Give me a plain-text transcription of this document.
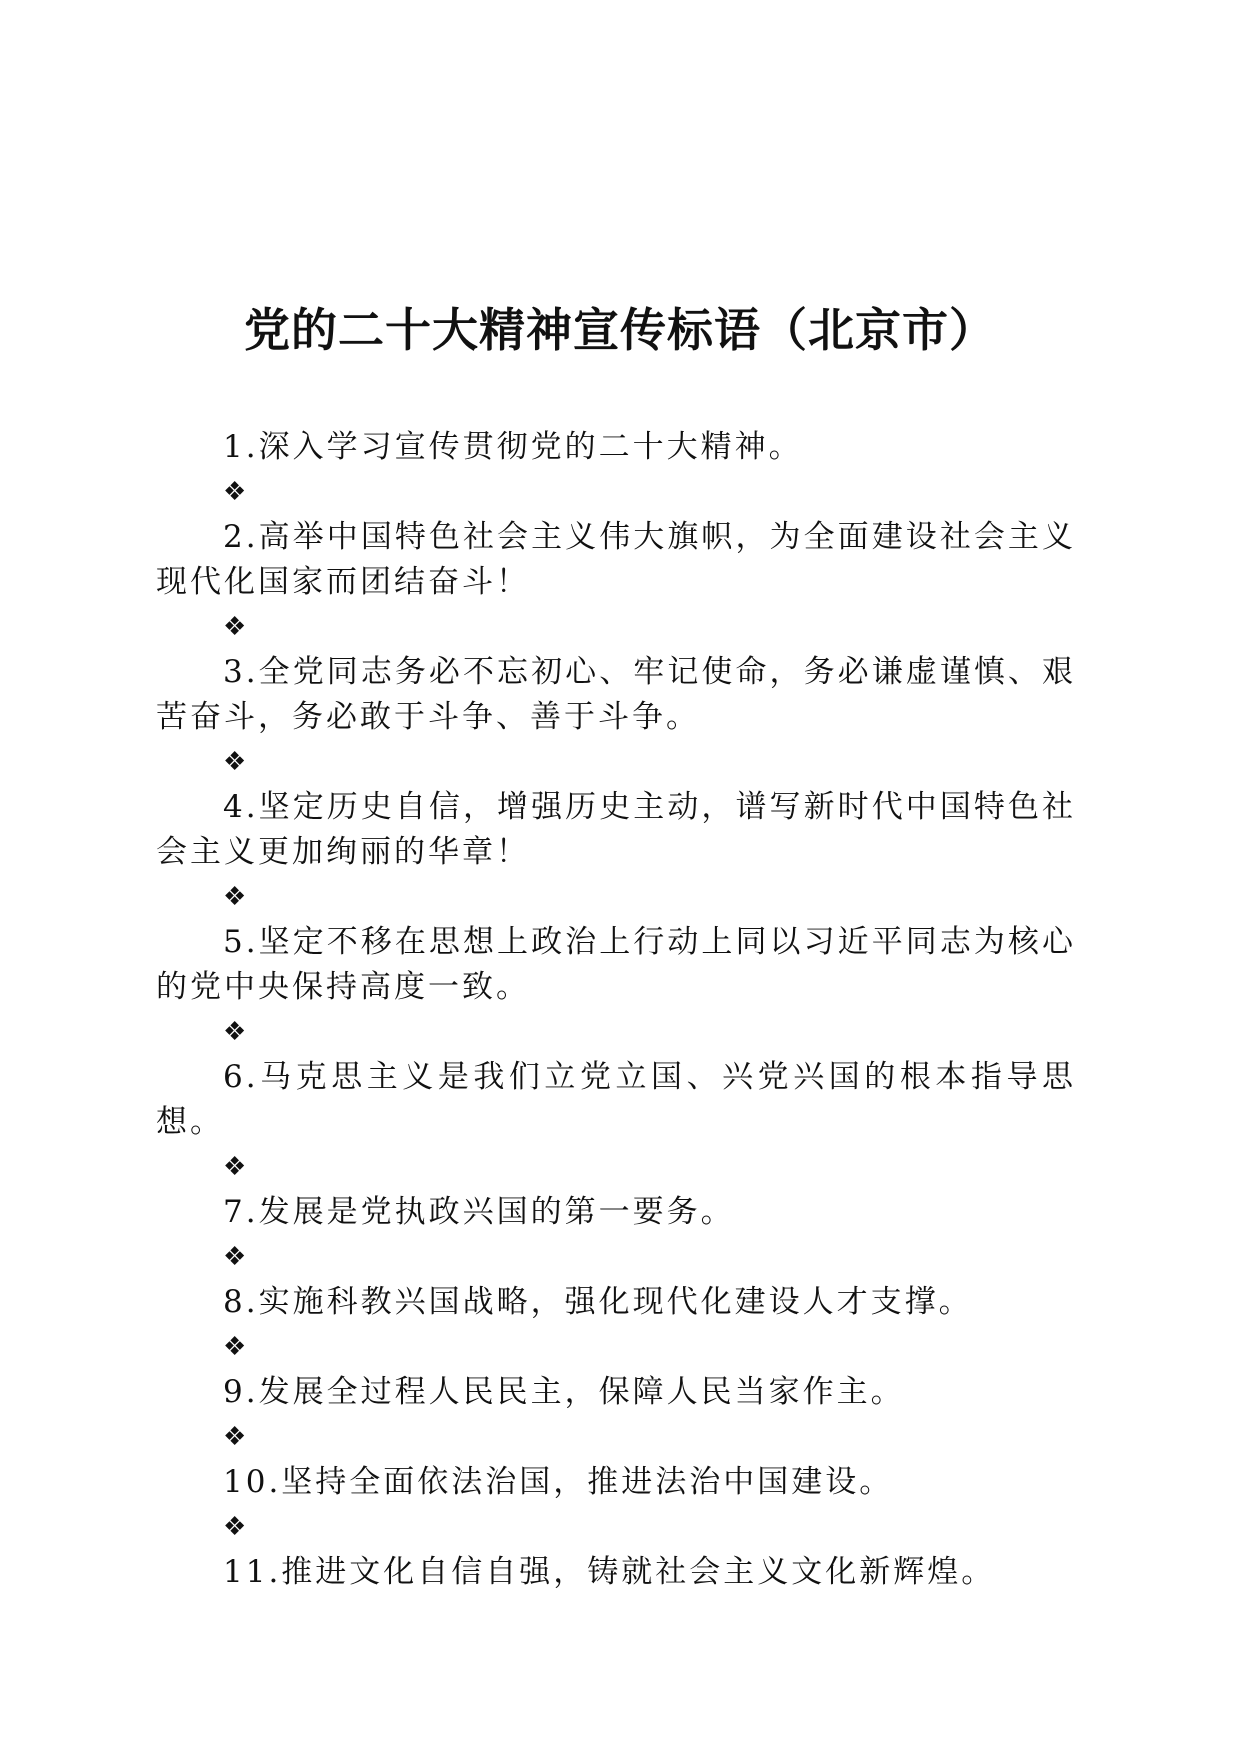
党的二十大精神宣传标语（北京市）

1.深入学习宣传贯彻党的二十大精神。

❖

2.高举中国特色社会主义伟大旗帜，为全面建设社会主义现代化国家而团结奋斗！

❖

3.全党同志务必不忘初心、牢记使命，务必谦虚谨慎、艰苦奋斗，务必敢于斗争、善于斗争。

❖

4.坚定历史自信，增强历史主动，谱写新时代中国特色社会主义更加绚丽的华章！

❖

5.坚定不移在思想上政治上行动上同以习近平同志为核心的党中央保持高度一致。

❖

6.马克思主义是我们立党立国、兴党兴国的根本指导思想。

❖

7.发展是党执政兴国的第一要务。

❖

8.实施科教兴国战略，强化现代化建设人才支撑。

❖

9.发展全过程人民民主，保障人民当家作主。

❖

10.坚持全面依法治国，推进法治中国建设。

❖

11.推进文化自信自强，铸就社会主义文化新辉煌。
